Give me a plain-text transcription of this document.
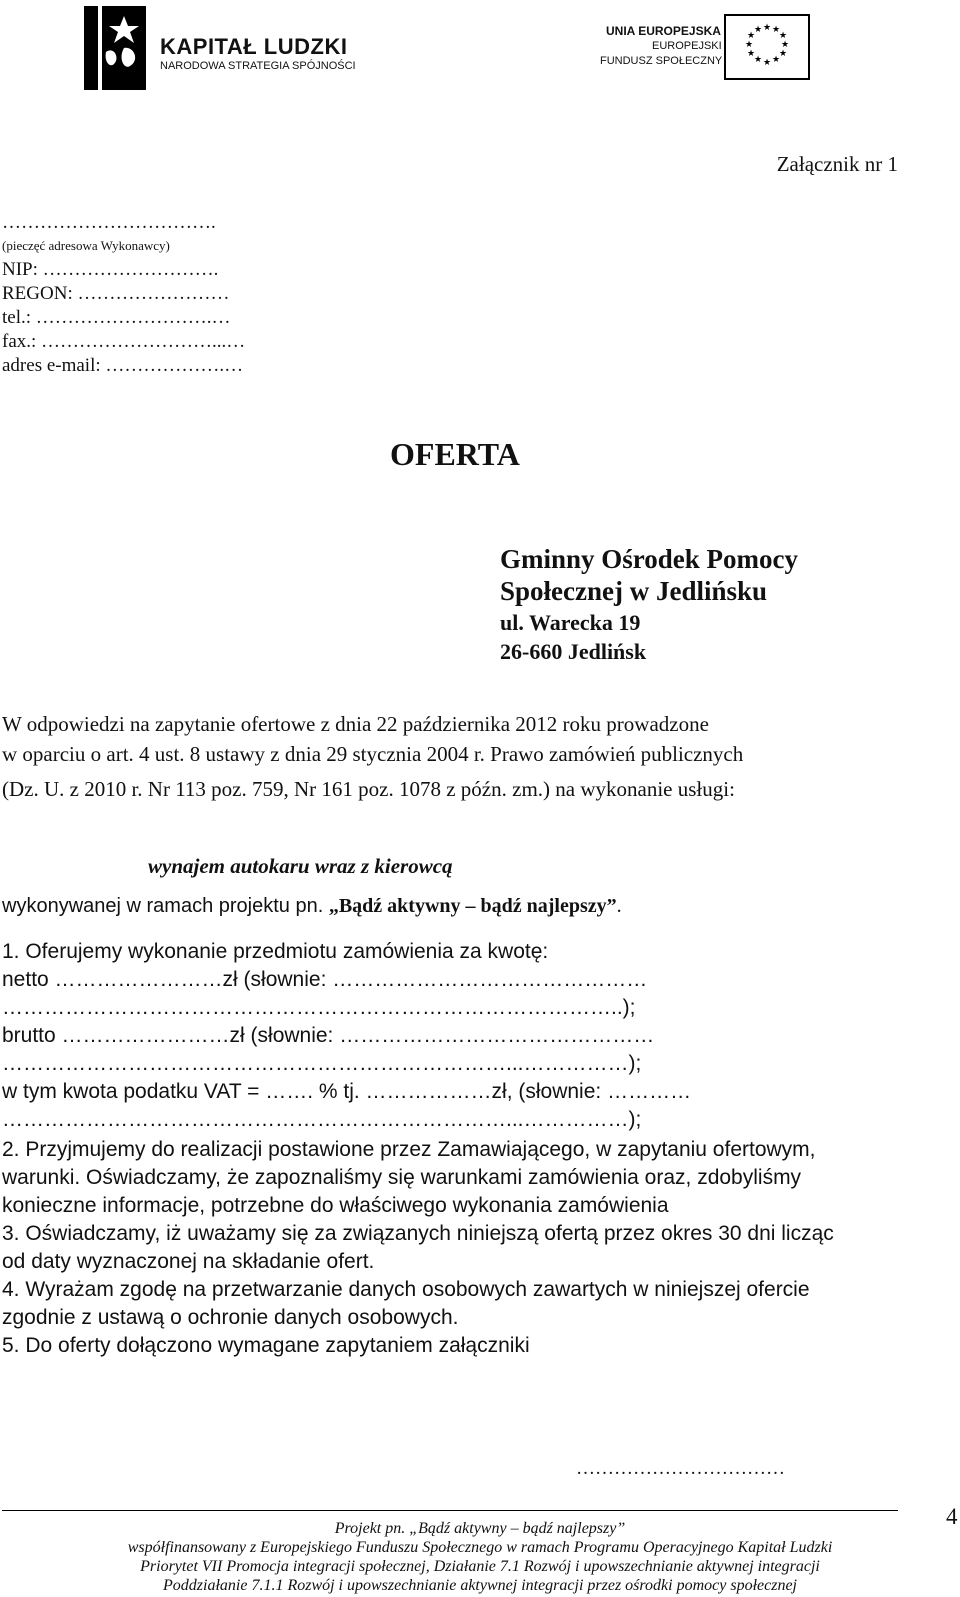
KAPITAŁ LUDZKI
NARODOWA STRATEGIA SPÓJNOŚCI
UNIA EUROPEJSKA
EUROPEJSKI
FUNDUSZ SPOŁECZNY
★ ★
★
★
★
★
★
★
★
★
★
★
Załącznik nr 1
…………………………….
(pieczęć adresowa Wykonawcy)
NIP: ……………………….
REGON: ……………………
tel.: ……………………….…
fax.: ………………………...…
adres e-mail: ……………….…
OFERTA
Gminny Ośrodek Pomocy
Społecznej w Jedlińsku
ul. Warecka 19
26-660 Jedlińsk
W odpowiedzi na zapytanie ofertowe z dnia 22 października 2012 roku prowadzone
w oparciu o art. 4 ust. 8 ustawy z dnia 29 stycznia 2004 r. Prawo zamówień publicznych
(Dz. U. z 2010 r. Nr 113 poz. 759, Nr 161 poz. 1078 z późn. zm.) na wykonanie usługi:
wynajem autokaru wraz z kierowcą
wykonywanej w ramach projektu pn. „Bądź aktywny – bądź najlepszy”.
1. Oferujemy wykonanie przedmiotu zamówienia za kwotę:
netto ……………………zł (słownie: ………………………………………
……………………………………………………………………………..);
brutto ……………………zł (słownie: ………………………………………
………………………………………………………………...……………);
w tym kwota podatku VAT = ……. % tj. ………………zł, (słownie: …………
………………………………………………………………...……………);
2. Przyjmujemy do realizacji postawione przez Zamawiającego, w zapytaniu ofertowym,
warunki. Oświadczamy, że zapoznaliśmy się warunkami zamówienia oraz, zdobyliśmy
konieczne informacje, potrzebne do właściwego wykonania zamówienia
3. Oświadczamy, iż uważamy się za związanych niniejszą ofertą przez okres 30 dni licząc
od daty wyznaczonej na składanie ofert.
4. Wyrażam zgodę na przetwarzanie danych osobowych zawartych w niniejszej ofercie
zgodnie z ustawą o ochronie danych osobowych.
5. Do oferty dołączono wymagane zapytaniem załączniki
……………………………
4
Projekt pn. „Bądź aktywny – bądź najlepszy”
współfinansowany z Europejskiego Funduszu Społecznego w ramach Programu Operacyjnego Kapitał Ludzki
Priorytet VII Promocja integracji społecznej, Działanie 7.1 Rozwój i upowszechnianie aktywnej integracji
Poddziałanie 7.1.1 Rozwój i upowszechnianie aktywnej integracji przez ośrodki pomocy społecznej
